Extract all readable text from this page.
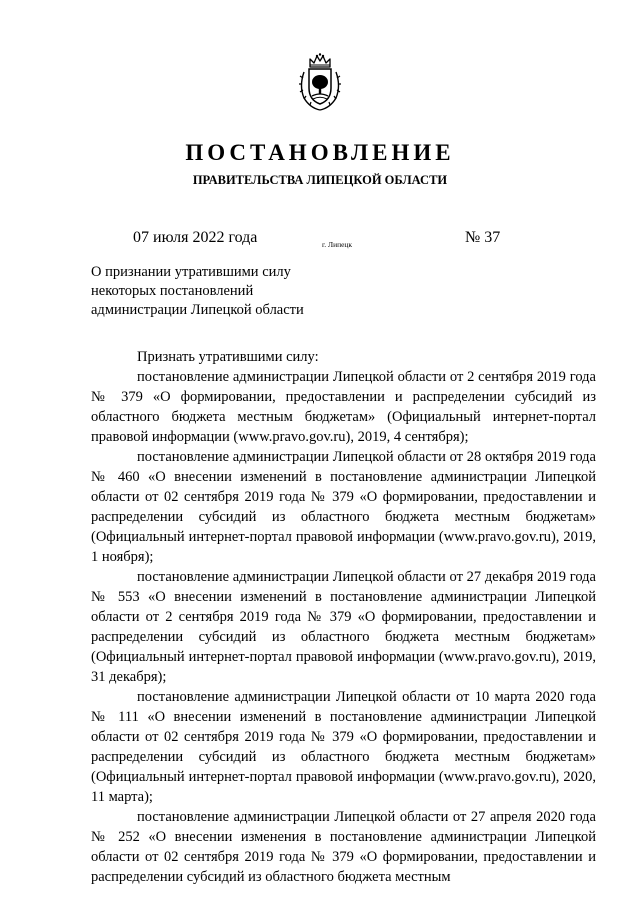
ПОСТАНОВЛЕНИЕ
ПРАВИТЕЛЬСТВА ЛИПЕЦКОЙ ОБЛАСТИ
07 июля 2022 года	г. Липецк	№ 37
О признании утратившими силу
некоторых постановлений
администрации Липецкой области

Признать утратившими силу:

постановление администрации Липецкой области от 2 сентября 2019 года № 379 «О формировании, предоставлении и распределении субсидий из областного бюджета местным бюджетам» (Официальный интернет-портал правовой информации (www.pravo.gov.ru), 2019, 4 сентября);

постановление администрации Липецкой области от 28 октября 2019 года № 460 «О внесении изменений в постановление администрации Липецкой области от 02 сентября 2019 года № 379 «О формировании, предоставлении и распределении субсидий из областного бюджета местным бюджетам» (Официальный интернет-портал правовой информации (www.pravo.gov.ru), 2019, 1 ноября);

постановление администрации Липецкой области от 27 декабря 2019 года № 553 «О внесении изменений в постановление администрации Липецкой области от 2 сентября 2019 года № 379 «О формировании, предоставлении и распределении субсидий из областного бюджета местным бюджетам» (Официальный интернет-портал правовой информации (www.pravo.gov.ru), 2019, 31 декабря);

постановление администрации Липецкой области от 10 марта 2020 года № 111 «О внесении изменений в постановление администрации Липецкой области от 02 сентября 2019 года № 379 «О формировании, предоставлении и распределении субсидий из областного бюджета местным бюджетам» (Официальный интернет-портал правовой информации (www.pravo.gov.ru), 2020, 11 марта);

постановление администрации Липецкой области от 27 апреля 2020 года № 252 «О внесении изменения в постановление администрации Липецкой области от 02 сентября 2019 года № 379 «О формировании, предоставлении и распределении субсидий из областного бюджета местным
